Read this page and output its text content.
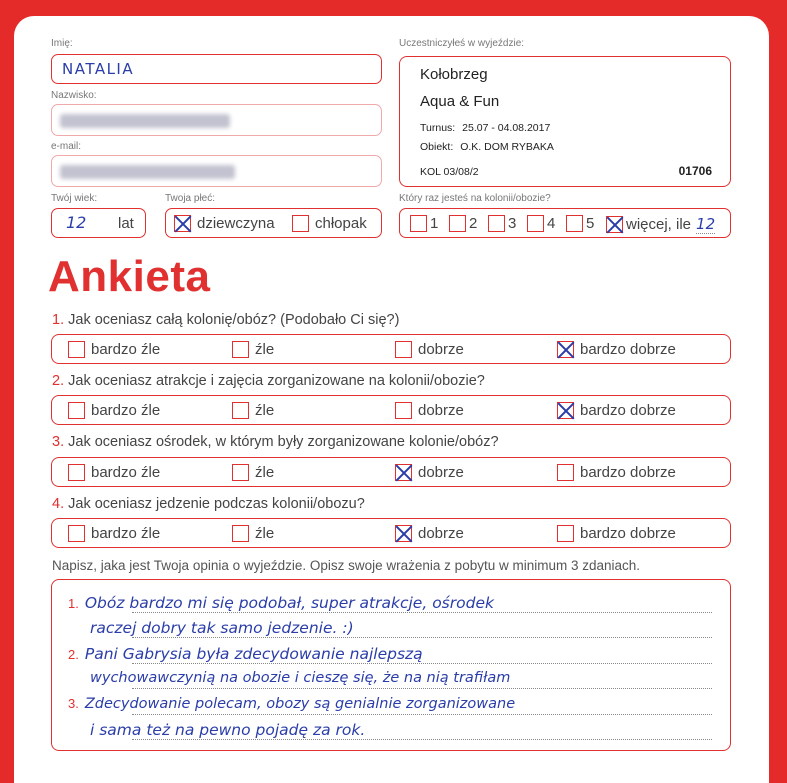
Imię:
NATALIA
Nazwisko:
e-mail:
Twój wiek:
12 lat
Twoja płeć:
dziewczyna	chłopak
Uczestniczyłeś w wyjeździe:
Kołobrzeg
Aqua & Fun
Turnus: 25.07 - 04.08.2017
Obiekt: O.K. DOM RYBAKA
KOL 03/08/2	01706
Który raz jesteś na kolonii/obozie?
1 2 3 4 5 więcej, ile 12
Ankieta
1. Jak oceniasz całą kolonię/obóz? (Podobało Ci się?)
bardzo źle	źle	dobrze	bardzo dobrze
2. Jak oceniasz atrakcje i zajęcia zorganizowane na kolonii/obozie?
bardzo źle	źle	dobrze	bardzo dobrze
3. Jak oceniasz ośrodek, w którym były zorganizowane kolonie/obóz?
bardzo źle	źle	dobrze	bardzo dobrze
4. Jak oceniasz jedzenie podczas kolonii/obozu?
bardzo źle	źle	dobrze	bardzo dobrze
Napisz, jaka jest Twoja opinia o wyjeździe. Opisz swoje wrażenia z pobytu w minimum 3 zdaniach.
1. Obóz bardzo mi się podobał, super atrakcje, ośrodek
raczej dobry tak samo jedzenie. :)
2. Pani Gabrysia była zdecydowanie najlepszą
wychowawczynią na obozie i cieszę się, że na nią trafiłam
3. Zdecydowanie polecam, obozy są genialnie zorganizowane
i sama też na pewno pojadę za rok.
